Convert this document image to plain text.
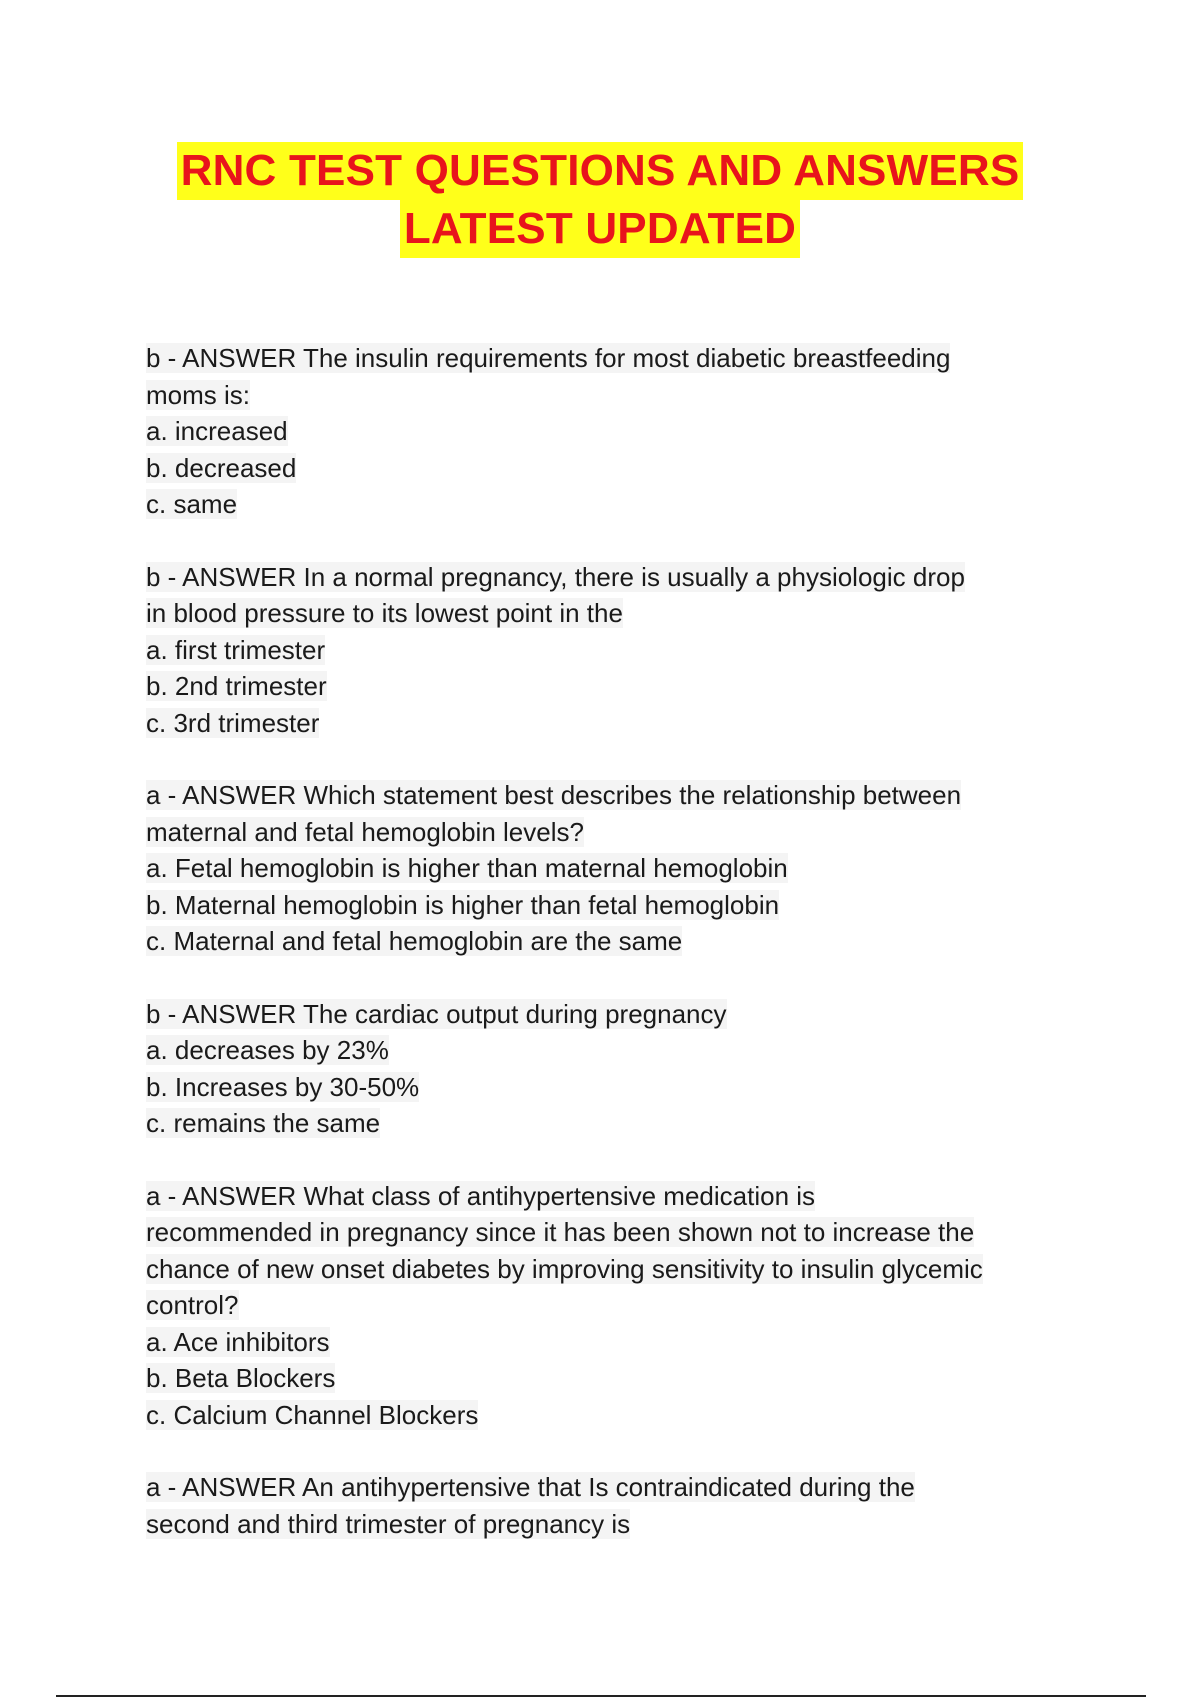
RNC TEST QUESTIONS AND ANSWERS
LATEST UPDATED
b - ANSWER The insulin requirements for most diabetic breastfeeding
moms is:
a. increased
b. decreased
c. same
b - ANSWER In a normal pregnancy, there is usually a physiologic drop
in blood pressure to its lowest point in the
a. first trimester
b. 2nd trimester
c. 3rd trimester
a - ANSWER Which statement best describes the relationship between
maternal and fetal hemoglobin levels?
a. Fetal hemoglobin is higher than maternal hemoglobin
b. Maternal hemoglobin is higher than fetal hemoglobin
c. Maternal and fetal hemoglobin are the same
b - ANSWER The cardiac output during pregnancy
a. decreases by 23%
b. Increases by 30-50%
c. remains the same
a - ANSWER What class of antihypertensive medication is
recommended in pregnancy since it has been shown not to increase the
chance of new onset diabetes by improving sensitivity to insulin glycemic
control?
a. Ace inhibitors
b. Beta Blockers
c. Calcium Channel Blockers
a - ANSWER An antihypertensive that Is contraindicated during the
second and third trimester of pregnancy is
